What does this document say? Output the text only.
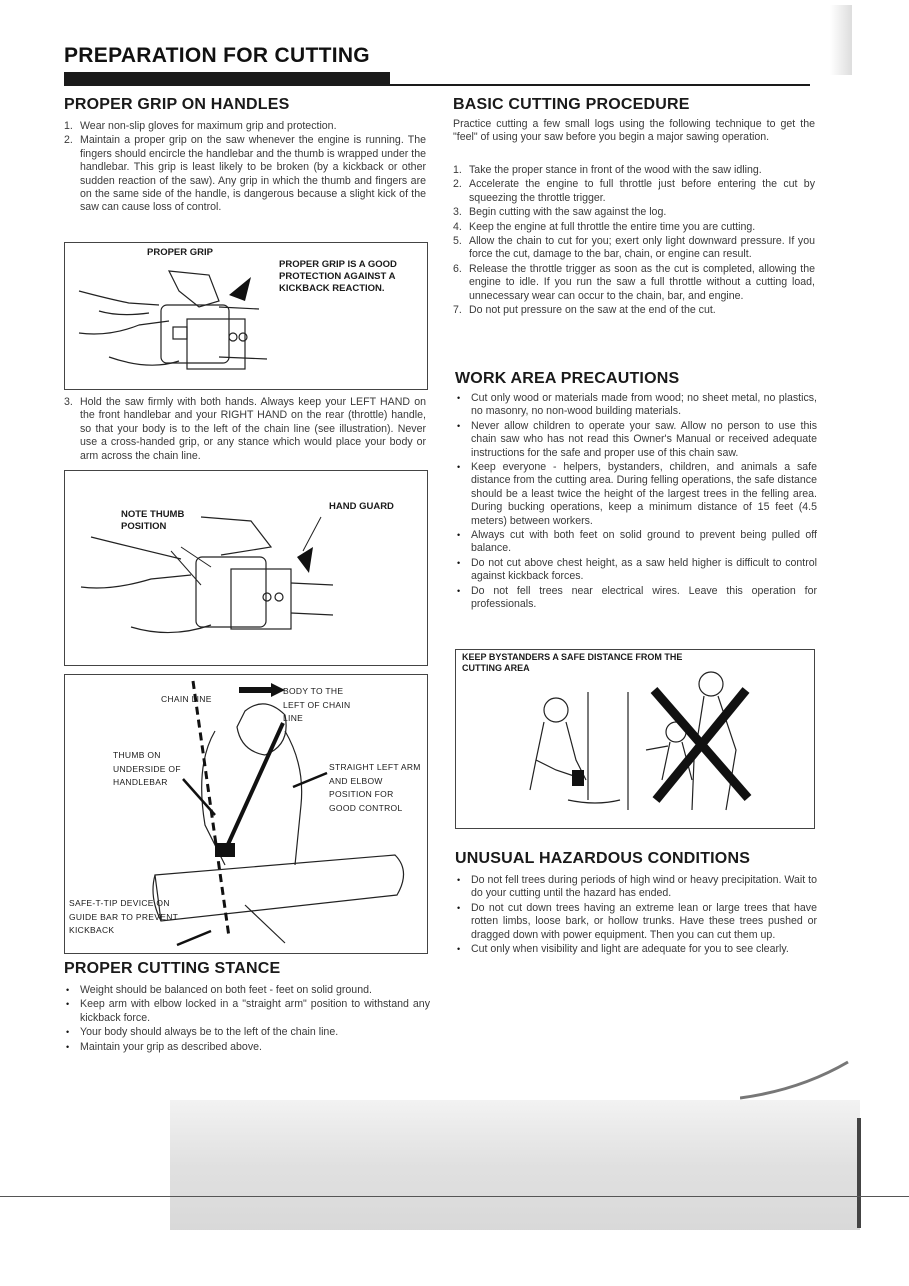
PREPARATION FOR CUTTING
PROPER GRIP ON HANDLES
1. Wear non-slip gloves for maximum grip and protection.
2. Maintain a proper grip on the saw whenever the engine is running. The fingers should encircle the handlebar and the thumb is wrapped under the handlebar. This grip is least likely to be broken (by a kickback or other sudden reaction of the saw). Any grip in which the thumb and fingers are on the same side of the handle, is dangerous because a slight kick of the saw can cause loss of control.
PROPER GRIP
PROPER GRIP IS A GOOD PROTECTION AGAINST A KICKBACK REACTION.
3. Hold the saw firmly with both hands. Always keep your LEFT HAND on the front handlebar and your RIGHT HAND on the rear (throttle) handle, so that your body is to the left of the chain line (see illustration). Never use a cross-handed grip, or any stance which would place your body or arm across the chain line.
NOTE THUMB POSITION
HAND GUARD
CHAIN LINE
BODY TO THE LEFT OF CHAIN LINE
THUMB ON UNDERSIDE OF HANDLEBAR
STRAIGHT LEFT ARM AND ELBOW POSITION FOR GOOD CONTROL
SAFE-T-TIP DEVICE ON GUIDE BAR TO PREVENT KICKBACK
PROPER CUTTING STANCE
• Weight should be balanced on both feet - feet on solid ground.
• Keep arm with elbow locked in a "straight arm" position to withstand any kickback force.
• Your body should always be to the left of the chain line.
• Maintain your grip as described above.
BASIC CUTTING PROCEDURE
Practice cutting a few small logs using the following technique to get the "feel" of using your saw before you begin a major sawing operation.
1. Take the proper stance in front of the wood with the saw idling.
2. Accelerate the engine to full throttle just before entering the cut by squeezing the throttle trigger.
3. Begin cutting with the saw against the log.
4. Keep the engine at full throttle the entire time you are cutting.
5. Allow the chain to cut for you; exert only light downward pressure. If you force the cut, damage to the bar, chain, or engine can result.
6. Release the throttle trigger as soon as the cut is completed, allowing the engine to idle. If you run the saw a full throttle without a cutting load, unnecessary wear can occur to the chain, bar, and engine.
7. Do not put pressure on the saw at the end of the cut.
WORK AREA PRECAUTIONS
• Cut only wood or materials made from wood; no sheet metal, no plastics, no masonry, no non-wood building materials.
• Never allow children to operate your saw. Allow no person to use this chain saw who has not read this Owner's Manual or received adequate instructions for the safe and proper use of this chain saw.
• Keep everyone - helpers, bystanders, children, and animals a safe distance from the cutting area. During felling operations, the safe distance should be a least twice the height of the largest trees in the felling area. During bucking operations, keep a minimum distance of 15 feet (4.5 meters) between workers.
• Always cut with both feet on solid ground to prevent being pulled off balance.
• Do not cut above chest height, as a saw held higher is difficult to control against kickback forces.
• Do not fell trees near electrical wires. Leave this operation for professionals.
KEEP BYSTANDERS A SAFE DISTANCE FROM THE CUTTING AREA
UNUSUAL HAZARDOUS CONDITIONS
• Do not fell trees during periods of high wind or heavy precipitation. Wait to do your cutting until the hazard has ended.
• Do not cut down trees having an extreme lean or large trees that have rotten limbs, loose bark, or hollow trunks. Have these trees pushed or dragged down with power equipment. Then you can cut them up.
• Cut only when visibility and light are adequate for you to see clearly.
